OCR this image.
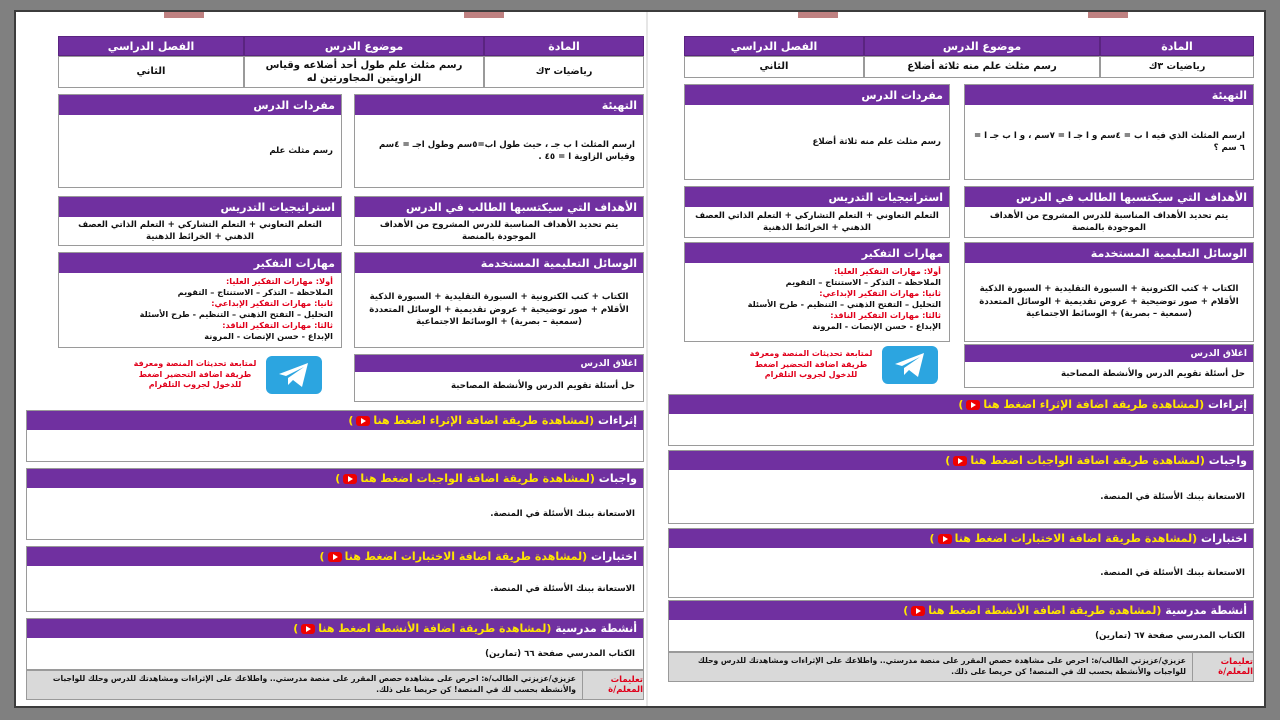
المادة
موضوع الدرس
الفصل الدراسي
رياضيات ٣ك
رسم مثلث علم طول أحد أضلاعه وقياس الزاويتين المجاورتين له
الثاني
التهيئة
ارسم المثلث ا ب جـ ، حيث طول اب=٥سم وطول اجـ = ٤سم وقياس الزاوية ا = ٤٥ .
مفردات الدرس
رسم مثلث علم
الأهداف التي سيكتسبها الطالب في الدرس
يتم تحديد الأهداف المناسبة للدرس المشروح من الأهداف الموجودة بالمنصة
استراتيجيات التدريس
التعلم التعاوني + التعلم التشاركي + التعلم الذاتي العصف الذهني + الخرائط الذهنية
الوسائل التعليمية المستخدمة
الكتاب + كتب الكترونية + السبورة التقليدية + السبورة الذكية الأقلام + صور توضيحية + عروض تقديمية + الوسائل المتعددة (سمعية – بصرية) + الوسائط الاجتماعية
مهارات التفكير
أولا: مهارات التفكير العليا:
الملاحظة – التذكر – الاستنتاج – التقويم
ثانيا: مهارات التفكير الإبداعي:
التحليل – التفتح الذهني – التنظيم - طرح الأسئلة
ثالثا: مهارات التفكير الناقد:
الإبداع - حسن الإنصات - المرونة
اغلاق الدرس
حل أسئلة تقويم الدرس والأنشطة المصاحبة
لمتابعة تحديثات المنصة ومعرفة طريقة اضافة التحضير اضغط للدخول لجروب التلقرام
إثراءات

(لمشاهدة طريقة اضافة الإثراء اضغط هنا
)
واجبات

(لمشاهدة طريقة اضافة الواجبات اضغط هنا
)
الاستعانة ببنك الأسئلة في المنصة.
اختبارات

(لمشاهدة طريقة اضافة الاختبارات اضغط هنا
)
الاستعانة ببنك الأسئلة في المنصة.
أنشطة مدرسية

(لمشاهدة طريقة اضافة الأنشطة اضغط هنا
)
الكتاب المدرسي صفحة ٦٦ (تمارين)
تعليمات المعلم/ة
عزيزي/عزيزتي الطالب/ة: احرص على مشاهدة حصص المقرر على منصة مدرستي.. واطلاعك على الإثراءات ومشاهدتك للدرس وحلك للواجبات والأنشطة بحسب لك في المنصة! كن حريصا على ذلك.
المادة
موضوع الدرس
الفصل الدراسي
رياضيات ٣ك
رسم مثلث علم منه ثلاثة أضلاع
الثاني
التهيئة
ارسم المثلث الذي فيه ا ب = ٤سم و ا جـ ا = ٧سم ، و ا ب جـ ا = ٦ سم ؟
مفردات الدرس
رسم مثلث علم منه ثلاثة أضلاع
الأهداف التي سيكتسبها الطالب في الدرس
يتم تحديد الأهداف المناسبة للدرس المشروح من الأهداف الموجودة بالمنصة
استراتيجيات التدريس
التعلم التعاوني + التعلم التشاركي + التعلم الذاتي العصف الذهني + الخرائط الذهنية
الوسائل التعليمية المستخدمة
الكتاب + كتب الكترونية + السبورة التقليدية + السبورة الذكية الأقلام + صور توضيحية + عروض تقديمية + الوسائل المتعددة (سمعية – بصرية) + الوسائط الاجتماعية
مهارات التفكير
أولا: مهارات التفكير العليا:
الملاحظة – التذكر – الاستنتاج – التقويم
ثانيا: مهارات التفكير الإبداعي:
التحليل – التفتح الذهني – التنظيم - طرح الأسئلة
ثالثا: مهارات التفكير الناقد:
الإبداع - حسن الإنصات - المرونة
اغلاق الدرس
حل أسئلة تقويم الدرس والأنشطة المصاحبة
لمتابعة تحديثات المنصة ومعرفة طريقة اضافة التحضير اضغط للدخول لجروب التلقرام
إثراءات

(لمشاهدة طريقة اضافة الإثراء اضغط هنا
)
واجبات

(لمشاهدة طريقة اضافة الواجبات اضغط هنا
)
الاستعانة ببنك الأسئلة في المنصة.
اختبارات

(لمشاهدة طريقة اضافة الاختبارات اضغط هنا
)
الاستعانة ببنك الأسئلة في المنصة.
أنشطة مدرسية

(لمشاهدة طريقة اضافة الأنشطة اضغط هنا
)
الكتاب المدرسي صفحة ٦٧ (تمارين)
تعليمات المعلم/ة
عزيزي/عزيزتي الطالب/ة: احرص على مشاهدة حصص المقرر على منصة مدرستي.. واطلاعك على الإثراءات ومشاهدتك للدرس وحلك للواجبات والأنشطة بحسب لك في المنصة! كن حريصا على ذلك.
